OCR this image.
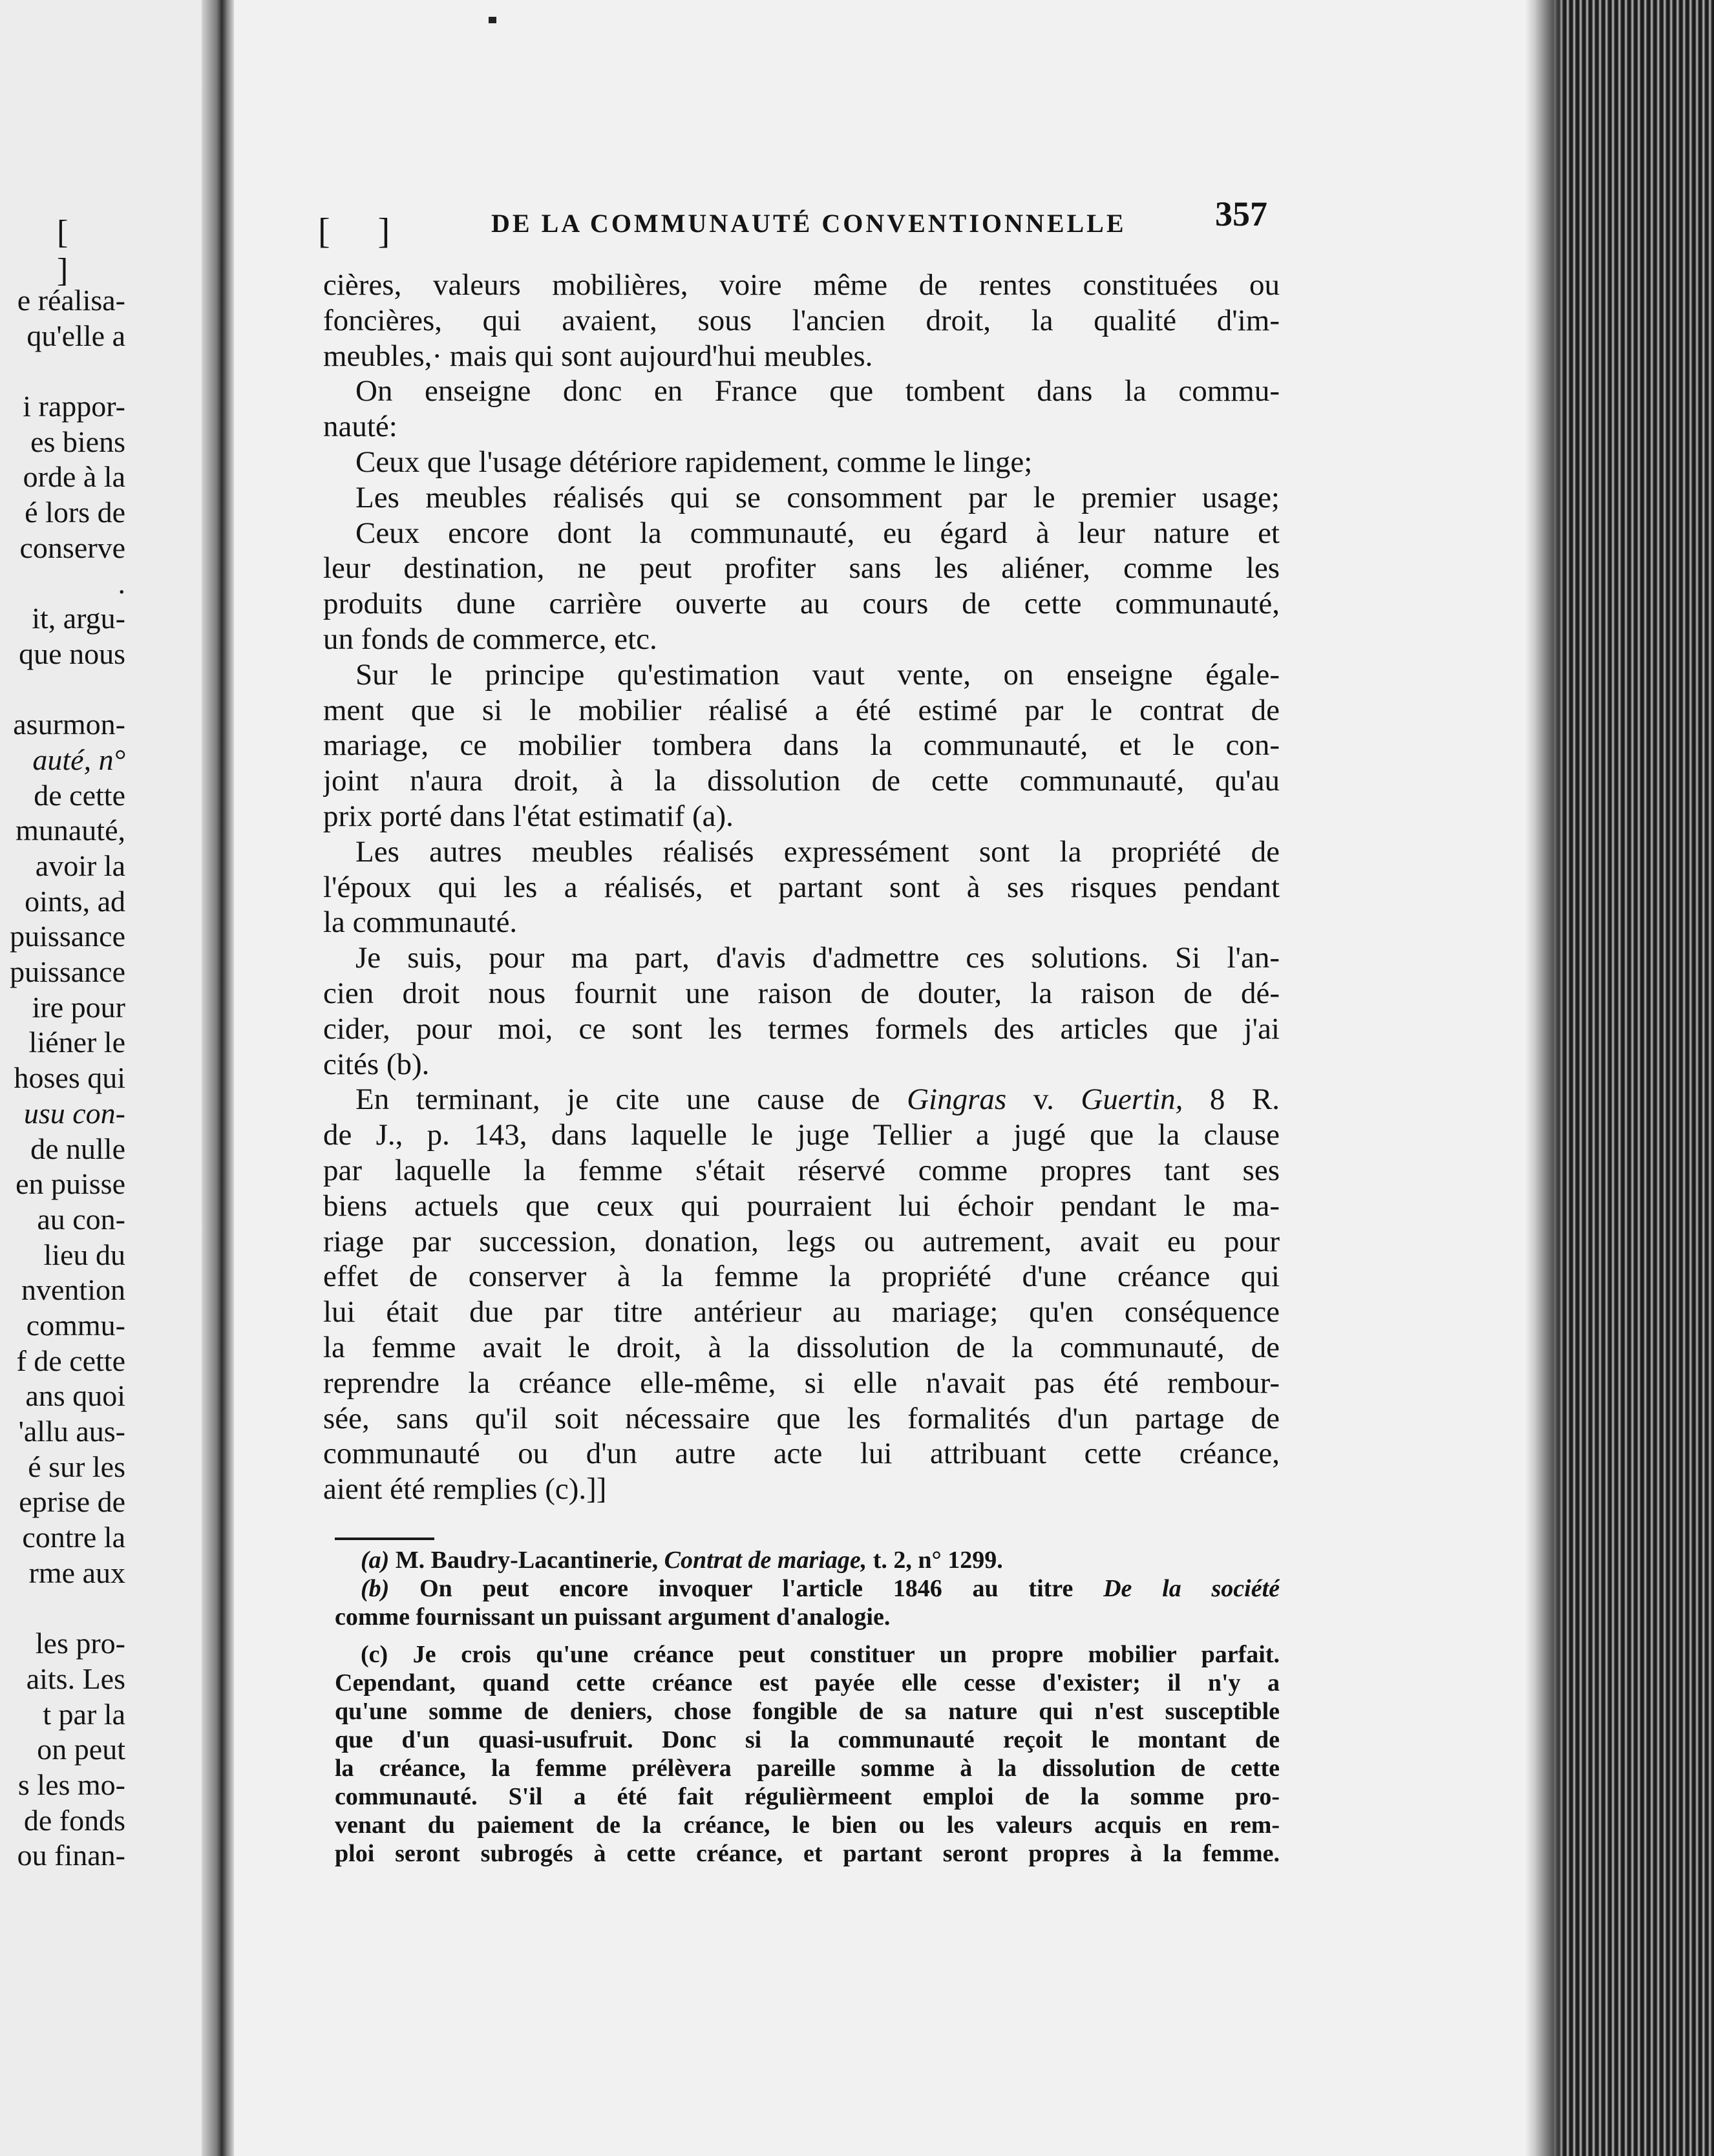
[ ]
e réalisa-
qu'elle a
i rappor-
es biens
orde à la
é lors de
conserve
.
it, argu-
que nous
asurmon-
auté, n°
de cette
munauté,
avoir la
oints, ad
puissance
puissance
ire pour
liéner le
hoses qui
usu con-
de nulle
en puisse
au con-
lieu du
nvention
commu-
f de cette
ans quoi
'allu aus-
é sur les
eprise de
contre la
rme aux
les pro-
aits. Les
t par la
on peut
s les mo-
de fonds
ou finan-
[ ]	DE LA COMMUNAUTÉ CONVENTIONNELLE	357
cières, valeurs mobilières, voire même de rentes constituées ou
foncières, qui avaient, sous l'ancien droit, la qualité d'im-
meubles,· mais qui sont aujourd'hui meubles.
On enseigne donc en France que tombent dans la commu-
nauté:
Ceux que l'usage détériore rapidement, comme le linge;
Les meubles réalisés qui se consomment par le premier usage;
Ceux encore dont la communauté, eu égard à leur nature et
leur destination, ne peut profiter sans les aliéner, comme les
produits dune carrière ouverte au cours de cette communauté,
un fonds de commerce, etc.
Sur le principe qu'estimation vaut vente, on enseigne égale-
ment que si le mobilier réalisé a été estimé par le contrat de
mariage, ce mobilier tombera dans la communauté, et le con-
joint n'aura droit, à la dissolution de cette communauté, qu'au
prix porté dans l'état estimatif (a).
Les autres meubles réalisés expressément sont la propriété de
l'époux qui les a réalisés, et partant sont à ses risques pendant
la communauté.
Je suis, pour ma part, d'avis d'admettre ces solutions. Si l'an-
cien droit nous fournit une raison de douter, la raison de dé-
cider, pour moi, ce sont les termes formels des articles que j'ai
cités (b).
En terminant, je cite une cause de Gingras v. Guertin, 8 R.
de J., p. 143, dans laquelle le juge Tellier a jugé que la clause
par laquelle la femme s'était réservé comme propres tant ses
biens actuels que ceux qui pourraient lui échoir pendant le ma-
riage par succession, donation, legs ou autrement, avait eu pour
effet de conserver à la femme la propriété d'une créance qui
lui était due par titre antérieur au mariage; qu'en conséquence
la femme avait le droit, à la dissolution de la communauté, de
reprendre la créance elle-même, si elle n'avait pas été rembour-
sée, sans qu'il soit nécessaire que les formalités d'un partage de
communauté ou d'un autre acte lui attribuant cette créance,
aient été remplies (c).]]
(a) M. Baudry-Lacantinerie, Contrat de mariage, t. 2, n° 1299.
(b) On peut encore invoquer l'article 1846 au titre De la société
comme fournissant un puissant argument d'analogie.
(c) Je crois qu'une créance peut constituer un propre mobilier parfait.
Cependant, quand cette créance est payée elle cesse d'exister; il n'y a
qu'une somme de deniers, chose fongible de sa nature qui n'est susceptible
que d'un quasi-usufruit. Donc si la communauté reçoit le montant de
la créance, la femme prélèvera pareille somme à la dissolution de cette
communauté. S'il a été fait régulièrmeent emploi de la somme pro-
venant du paiement de la créance, le bien ou les valeurs acquis en rem-
ploi seront subrogés à cette créance, et partant seront propres à la femme.
